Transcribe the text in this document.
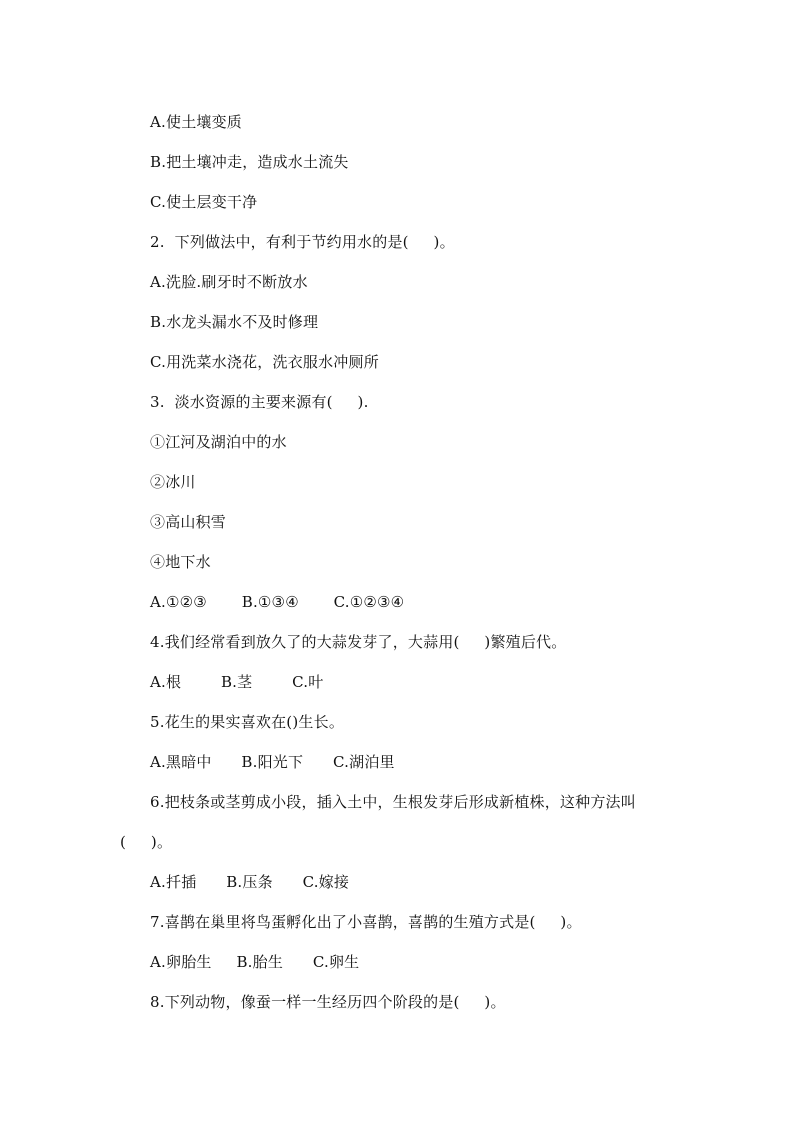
A.使土壤变质
B.把土壤冲走，造成水土流失
C.使土层变干净
2.  下列做法中，有利于节约用水的是(     )。
A.洗脸.刷牙时不断放水
B.水龙头漏水不及时修理
C.用洗菜水浇花，洗衣服水冲厕所
3.  淡水资源的主要来源有(     ).
①江河及湖泊中的水
②冰川
③高山积雪
④地下水
A.①②③       B.①③④       C.①②③④
4.我们经常看到放久了的大蒜发芽了，大蒜用(     )繁殖后代。
A.根        B.茎        C.叶
5.花生的果实喜欢在()生长。
A.黑暗中      B.阳光下      C.湖泊里
6.把枝条或茎剪成小段，插入土中，生根发芽后形成新植株，这种方法叫
(     )。
A.扦插      B.压条      C.嫁接
7.喜鹊在巢里将鸟蛋孵化出了小喜鹊，喜鹊的生殖方式是(     )。
A.卵胎生     B.胎生      C.卵生
8.下列动物，像蚕一样一生经历四个阶段的是(     )。
